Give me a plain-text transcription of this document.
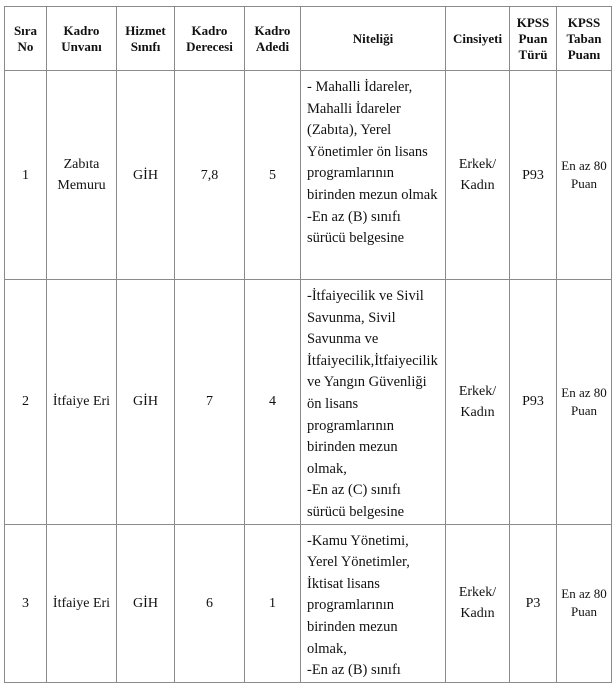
Sıra No	Kadro Unvanı	Hizmet Sınıfı	Kadro Derecesi	Kadro Adedi	Niteliği	Cinsiyeti	KPSS Puan Türü	KPSS Taban Puanı
1	Zabıta Memuru	GİH	7,8	5	- Mahalli İdareler, Mahalli İdareler (Zabıta), Yerel Yönetimler ön lisans programlarının birinden mezun olmak
-En az (B) sınıfı sürücü belgesine	Erkek/ Kadın	P93	En az 80 Puan
2	İtfaiye Eri	GİH	7	4	-İtfaiyecilik ve Sivil Savunma, Sivil Savunma ve İtfaiyecilik,İtfaiyecilik ve Yangın Güvenliği ön lisans programlarının birinden mezun olmak,
-En az (C) sınıfı sürücü belgesine	Erkek/ Kadın	P93	En az 80 Puan
3	İtfaiye Eri	GİH	6	1	-Kamu Yönetimi, Yerel Yönetimler, İktisat lisans programlarının birinden mezun olmak,
-En az (B) sınıfı	Erkek/ Kadın	P3	En az 80 Puan
